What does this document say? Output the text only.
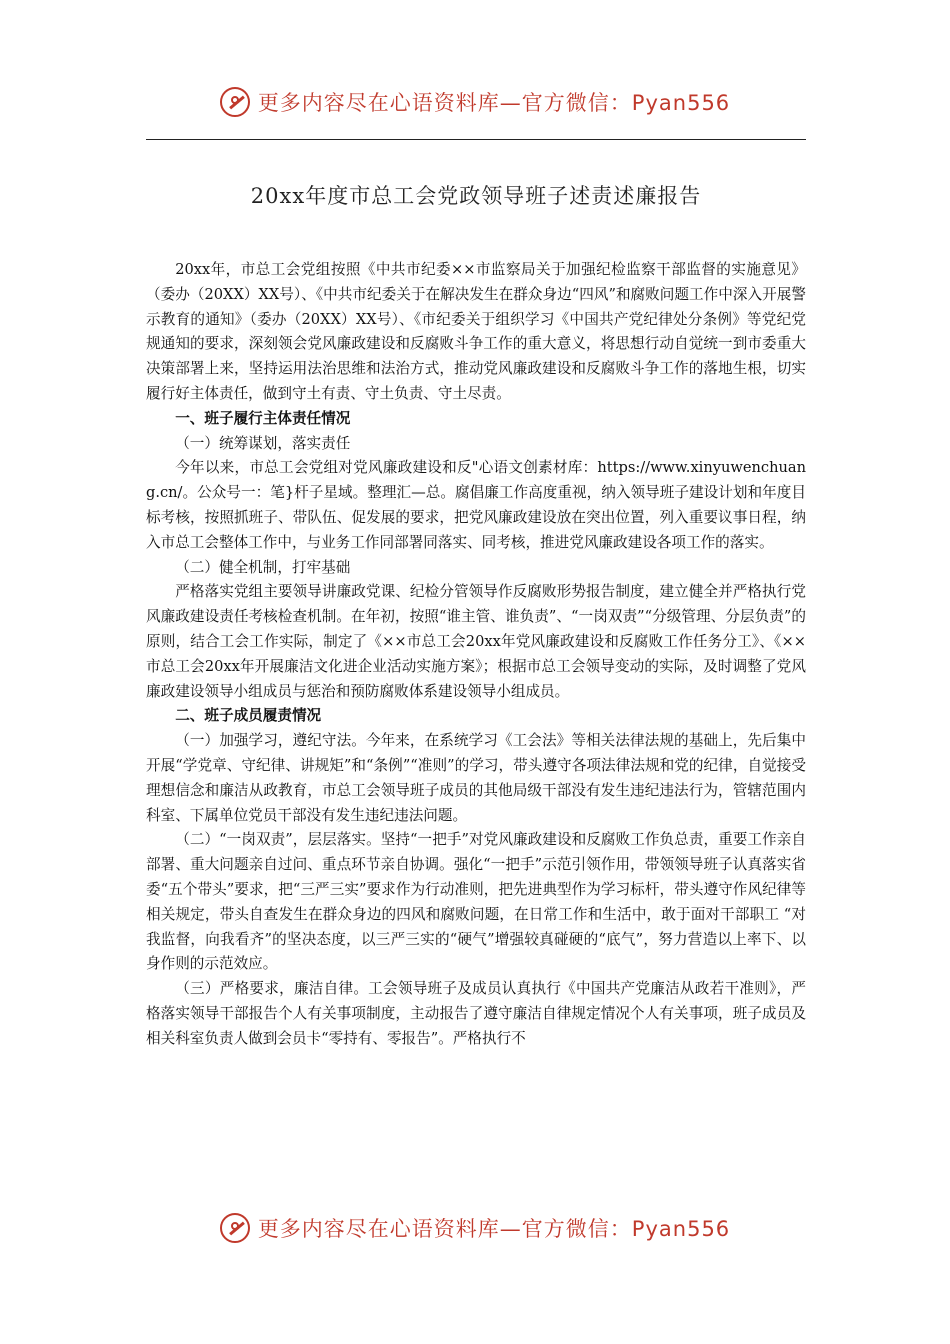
更多内容尽在心语资料库—官方微信：Pyan556
20xx年度市总工会党政领导班子述责述廉报告

20xx年，市总工会党组按照《中共市纪委××市监察局关于加强纪检监察干部监督的实施意见》（委办（20XX）XX号）、《中共市纪委关于在解决发生在群众身边“四风”和腐败问题工作中深入开展警示教育的通知》（委办（20XX）XX号）、《市纪委关于组织学习《中国共产党纪律处分条例》等党纪党规通知的要求，深刻领会党风廉政建设和反腐败斗争工作的重大意义，将思想行动自觉统一到市委重大决策部署上来，坚持运用法治思维和法治方式，推动党风廉政建设和反腐败斗争工作的落地生根，切实履行好主体责任，做到守土有责、守土负责、守土尽责。

一、班子履行主体责任情况

（一）统筹谋划，落实责任

今年以来，市总工会党组对党风廉政建设和反"心语文创素材库：https://www.xinyuwenchuang.cn/。公众号一：笔}杆子星域。整理汇—总。腐倡廉工作高度重视，纳入领导班子建设计划和年度目标考核，按照抓班子、带队伍、促发展的要求，把党风廉政建设放在突出位置，列入重要议事日程，纳入市总工会整体工作中，与业务工作同部署同落实、同考核，推进党风廉政建设各项工作的落实。

（二）健全机制，打牢基础

严格落实党组主要领导讲廉政党课、纪检分管领导作反腐败形势报告制度，建立健全并严格执行党风廉政建设责任考核检查机制。在年初，按照“谁主管、谁负责”、“一岗双责”“分级管理、分层负责”的原则，结合工会工作实际，制定了《××市总工会20xx年党风廉政建设和反腐败工作任务分工》、《××市总工会20xx年开展廉洁文化进企业活动实施方案》；根据市总工会领导变动的实际，及时调整了党风廉政建设领导小组成员与惩治和预防腐败体系建设领导小组成员。

二、班子成员履责情况

（一）加强学习，遵纪守法。今年来，在系统学习《工会法》等相关法律法规的基础上，先后集中开展“学党章、守纪律、讲规矩”和“条例”“准则”的学习，带头遵守各项法律法规和党的纪律，自觉接受理想信念和廉洁从政教育，市总工会领导班子成员的其他局级干部没有发生违纪违法行为，管辖范围内科室、下属单位党员干部没有发生违纪违法问题。

（二）“一岗双责”，层层落实。坚持“一把手”对党风廉政建设和反腐败工作负总责，重要工作亲自部署、重大问题亲自过问、重点环节亲自协调。强化“一把手”示范引领作用，带领领导班子认真落实省委“五个带头”要求，把“三严三实”要求作为行动准则，把先进典型作为学习标杆，带头遵守作风纪律等相关规定，带头自查发生在群众身边的四风和腐败问题，在日常工作和生活中，敢于面对干部职工 “对我监督，向我看齐”的坚决态度，以三严三实的“硬气”增强较真碰硬的“底气”，努力营造以上率下、以身作则的示范效应。

（三）严格要求，廉洁自律。工会领导班子及成员认真执行《中国共产党廉洁从政若干准则》，严格落实领导干部报告个人有关事项制度，主动报告了遵守廉洁自律规定情况个人有关事项，班子成员及相关科室负责人做到会员卡“零持有、零报告”。严格执行不

更多内容尽在心语资料库—官方微信：Pyan556
